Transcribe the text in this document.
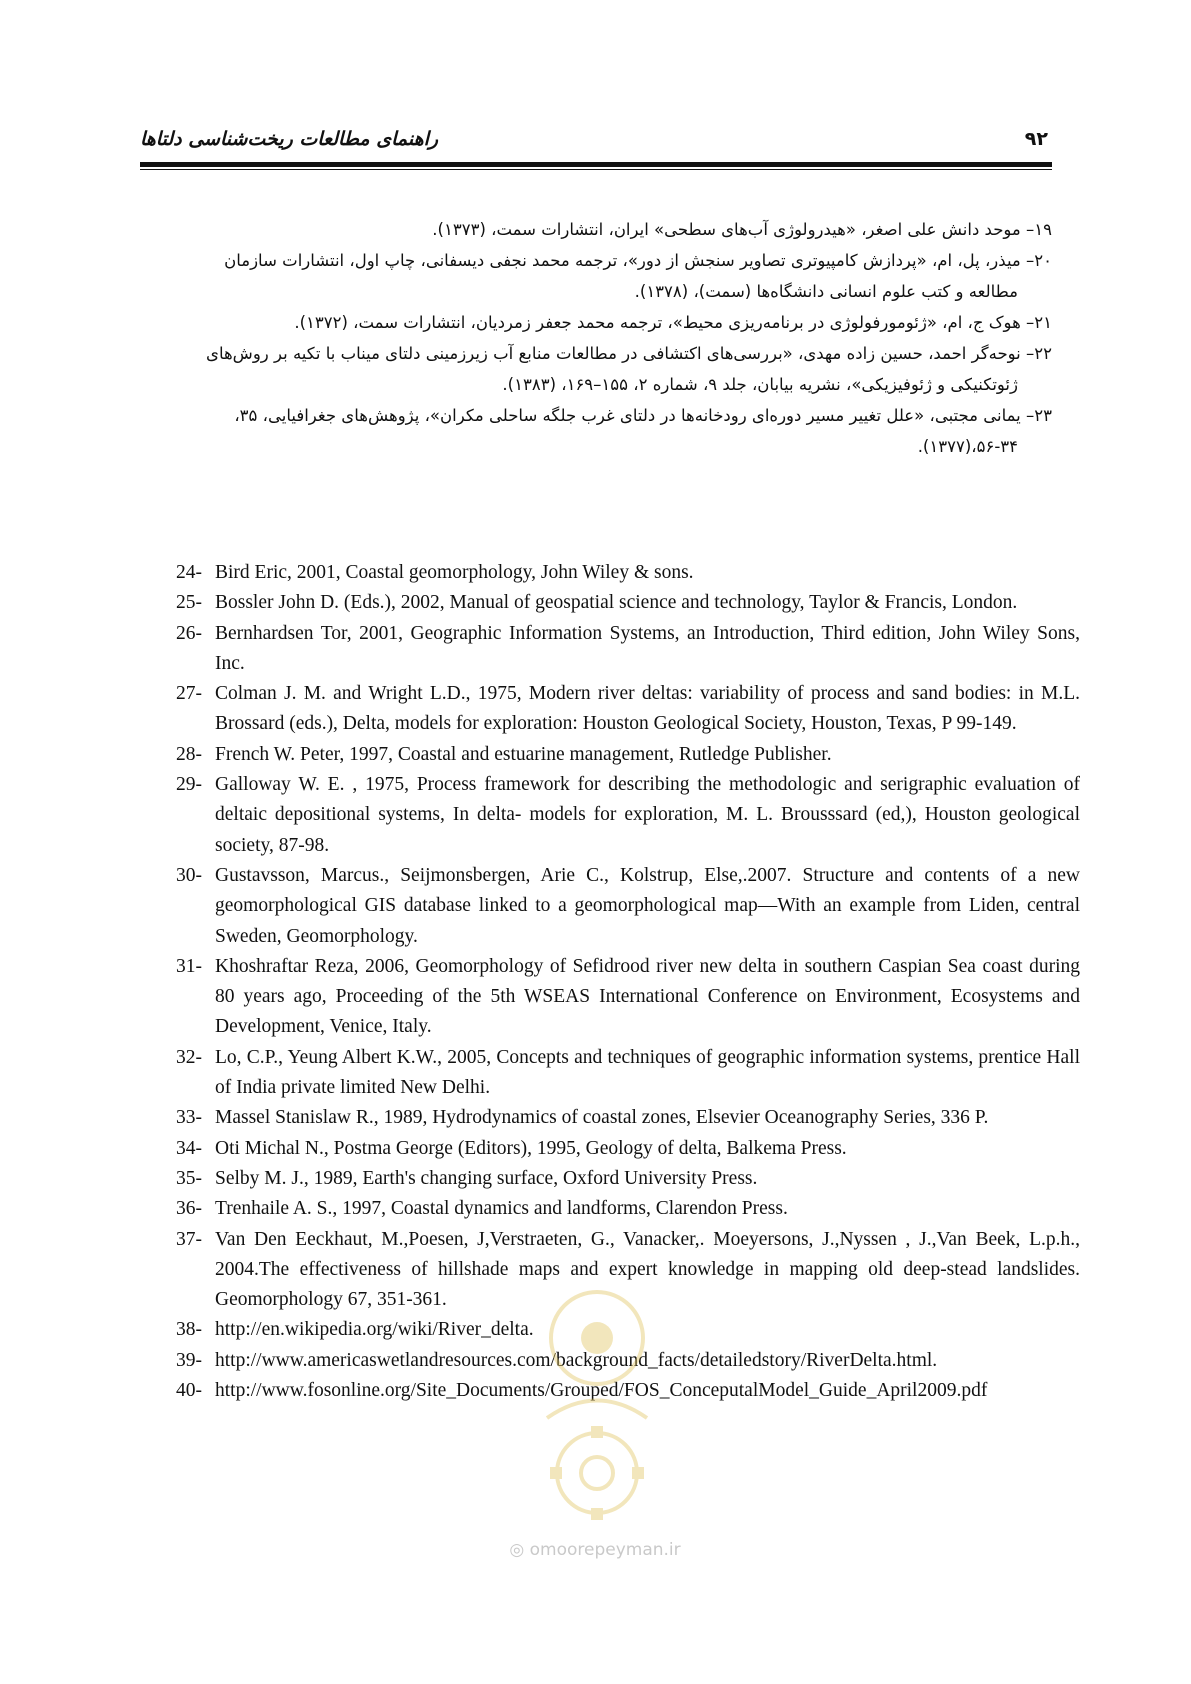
راهنمای مطالعات ریخت‌شناسی دلتاها	۹۲

۱۹– موحد دانش علی اصغر، «هیدرولوژی آب‌های سطحی» ایران، انتشارات سمت، (۱۳۷۳).

۲۰– میذر، پل، ام، «پردازش کامپیوتری تصاویر سنجش از دور»، ترجمه محمد نجفی دیسفانی، چاپ اول، انتشارات سازمان
مطالعه و کتب علوم انسانی دانشگاه‌ها (سمت)، (۱۳۷۸).

۲۱– هوک ج، ام، «ژئومورفولوژی در برنامه‌ریزی محیط»، ترجمه محمد جعفر زمردیان، انتشارات سمت، (۱۳۷۲).

۲۲– نوحه‌گر احمد، حسین زاده مهدی، «بررسی‌های اکتشافی در مطالعات منابع آب زیرزمینی دلتای میناب با تکیه بر روش‌های
ژئوتکنیکی و ژئوفیزیکی»، نشریه بیابان، جلد ۹، شماره ۲، ۱۵۵–۱۶۹، (۱۳۸۳).

۲۳– یمانی مجتبی، «علل تغییر مسیر دوره‌ای رودخانه‌ها در دلتای غرب جلگه ساحلی مکران»، پژوهش‌های جغرافیایی، ۳۵،
۵۶-۳۴،(۱۳۷۷).

24- Bird Eric, 2001, Coastal geomorphology, John Wiley & sons.
25- Bossler John D. (Eds.), 2002, Manual of geospatial science and technology, Taylor & Francis, London.
26- Bernhardsen Tor, 2001, Geographic Information Systems, an Introduction, Third edition, John Wiley Sons, Inc.
27- Colman J. M. and Wright L.D., 1975, Modern river deltas: variability of process and sand bodies: in M.L. Brossard (eds.), Delta, models for exploration: Houston Geological Society, Houston, Texas, P 99-149.
28- French W. Peter, 1997, Coastal and estuarine management, Rutledge Publisher.
29- Galloway W. E. , 1975, Process framework for describing the methodologic and serigraphic evaluation of deltaic depositional systems, In delta- models for exploration, M. L. Brousssard (ed,), Houston geological society, 87-98.
30- Gustavsson, Marcus., Seijmonsbergen, Arie C., Kolstrup, Else,.2007. Structure and contents of a new geomorphological GIS database linked to a geomorphological map—With an example from Liden, central Sweden, Geomorphology.
31- Khoshraftar Reza, 2006, Geomorphology of Sefidrood river new delta in southern Caspian Sea coast during 80 years ago, Proceeding of the 5th WSEAS International Conference on Environment, Ecosystems and Development, Venice, Italy.
32- Lo, C.P., Yeung Albert K.W., 2005, Concepts and techniques of geographic information systems, prentice Hall of India private limited New Delhi.
33- Massel Stanislaw R., 1989, Hydrodynamics of coastal zones, Elsevier Oceanography Series, 336 P.
34- Oti Michal N., Postma George (Editors), 1995, Geology of delta, Balkema Press.
35- Selby M. J., 1989, Earth's changing surface, Oxford University Press.
36- Trenhaile A. S., 1997, Coastal dynamics and landforms, Clarendon Press.
37- Van Den Eeckhaut, M.,Poesen, J,Verstraeten, G., Vanacker,. Moeyersons, J.,Nyssen , J.,Van Beek, L.p.h., 2004.The effectiveness of hillshade maps and expert knowledge in mapping old deep-stead landslides. Geomorphology 67, 351-361.
38- http://en.wikipedia.org/wiki/River_delta.
39- http://www.americaswetlandresources.com/background_facts/detailedstory/RiverDelta.html.
40- http://www.fosonline.org/Site_Documents/Grouped/FOS_ConceputalModel_Guide_April2009.pdf
◎ omoorepeyman.ir
